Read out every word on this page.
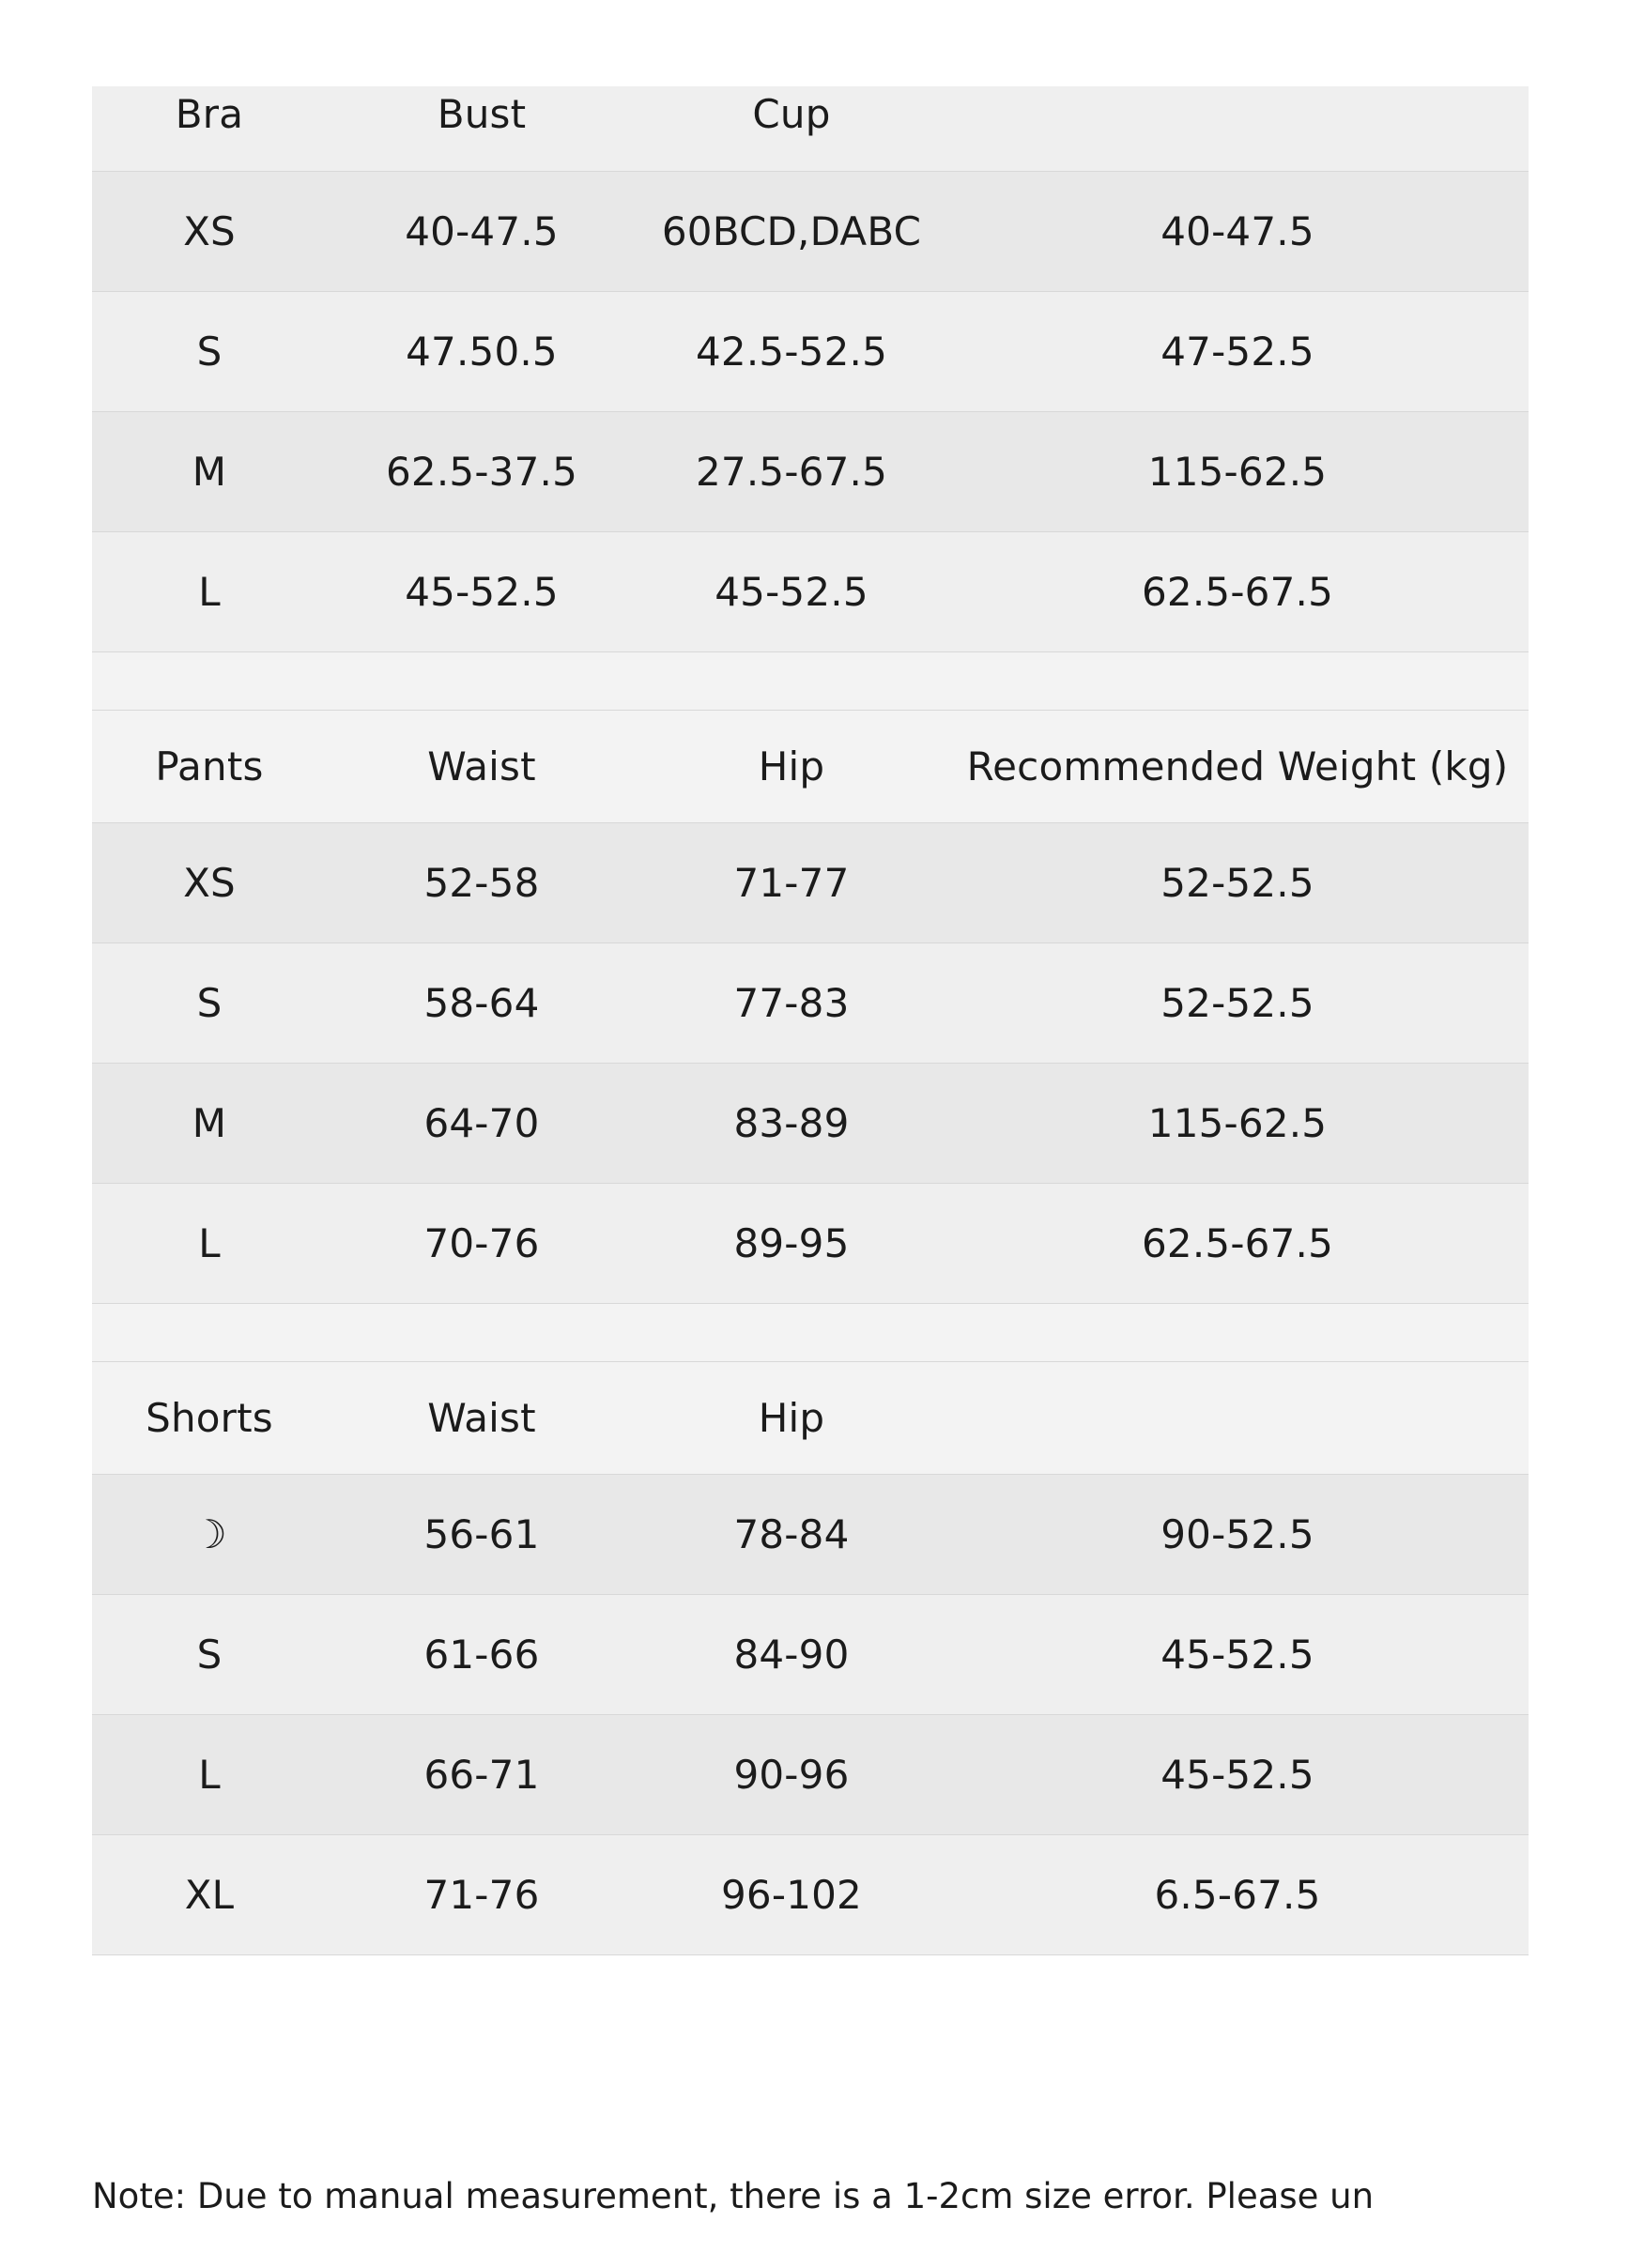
Bra	Bust	Cup	
XS	40-47.5	60BCD,DABC	40-47.5
S	47.50.5	42.5-52.5	47-52.5
M	62.5-37.5	27.5-67.5	115-62.5
L	45-52.5	45-52.5	62.5-67.5

Pants	Waist	Hip	Recommended Weight (kg)
XS	52-58	71-77	52-52.5
S	58-64	77-83	52-52.5
M	64-70	83-89	115-62.5
L	70-76	89-95	62.5-67.5

Shorts	Waist	Hip	
☽	56-61	78-84	90-52.5
S	61-66	84-90	45-52.5
L	66-71	90-96	45-52.5
XL	71-76	96-102	6.5-67.5
Note: Due to manual measurement, there is a 1-2cm size error. Please un
